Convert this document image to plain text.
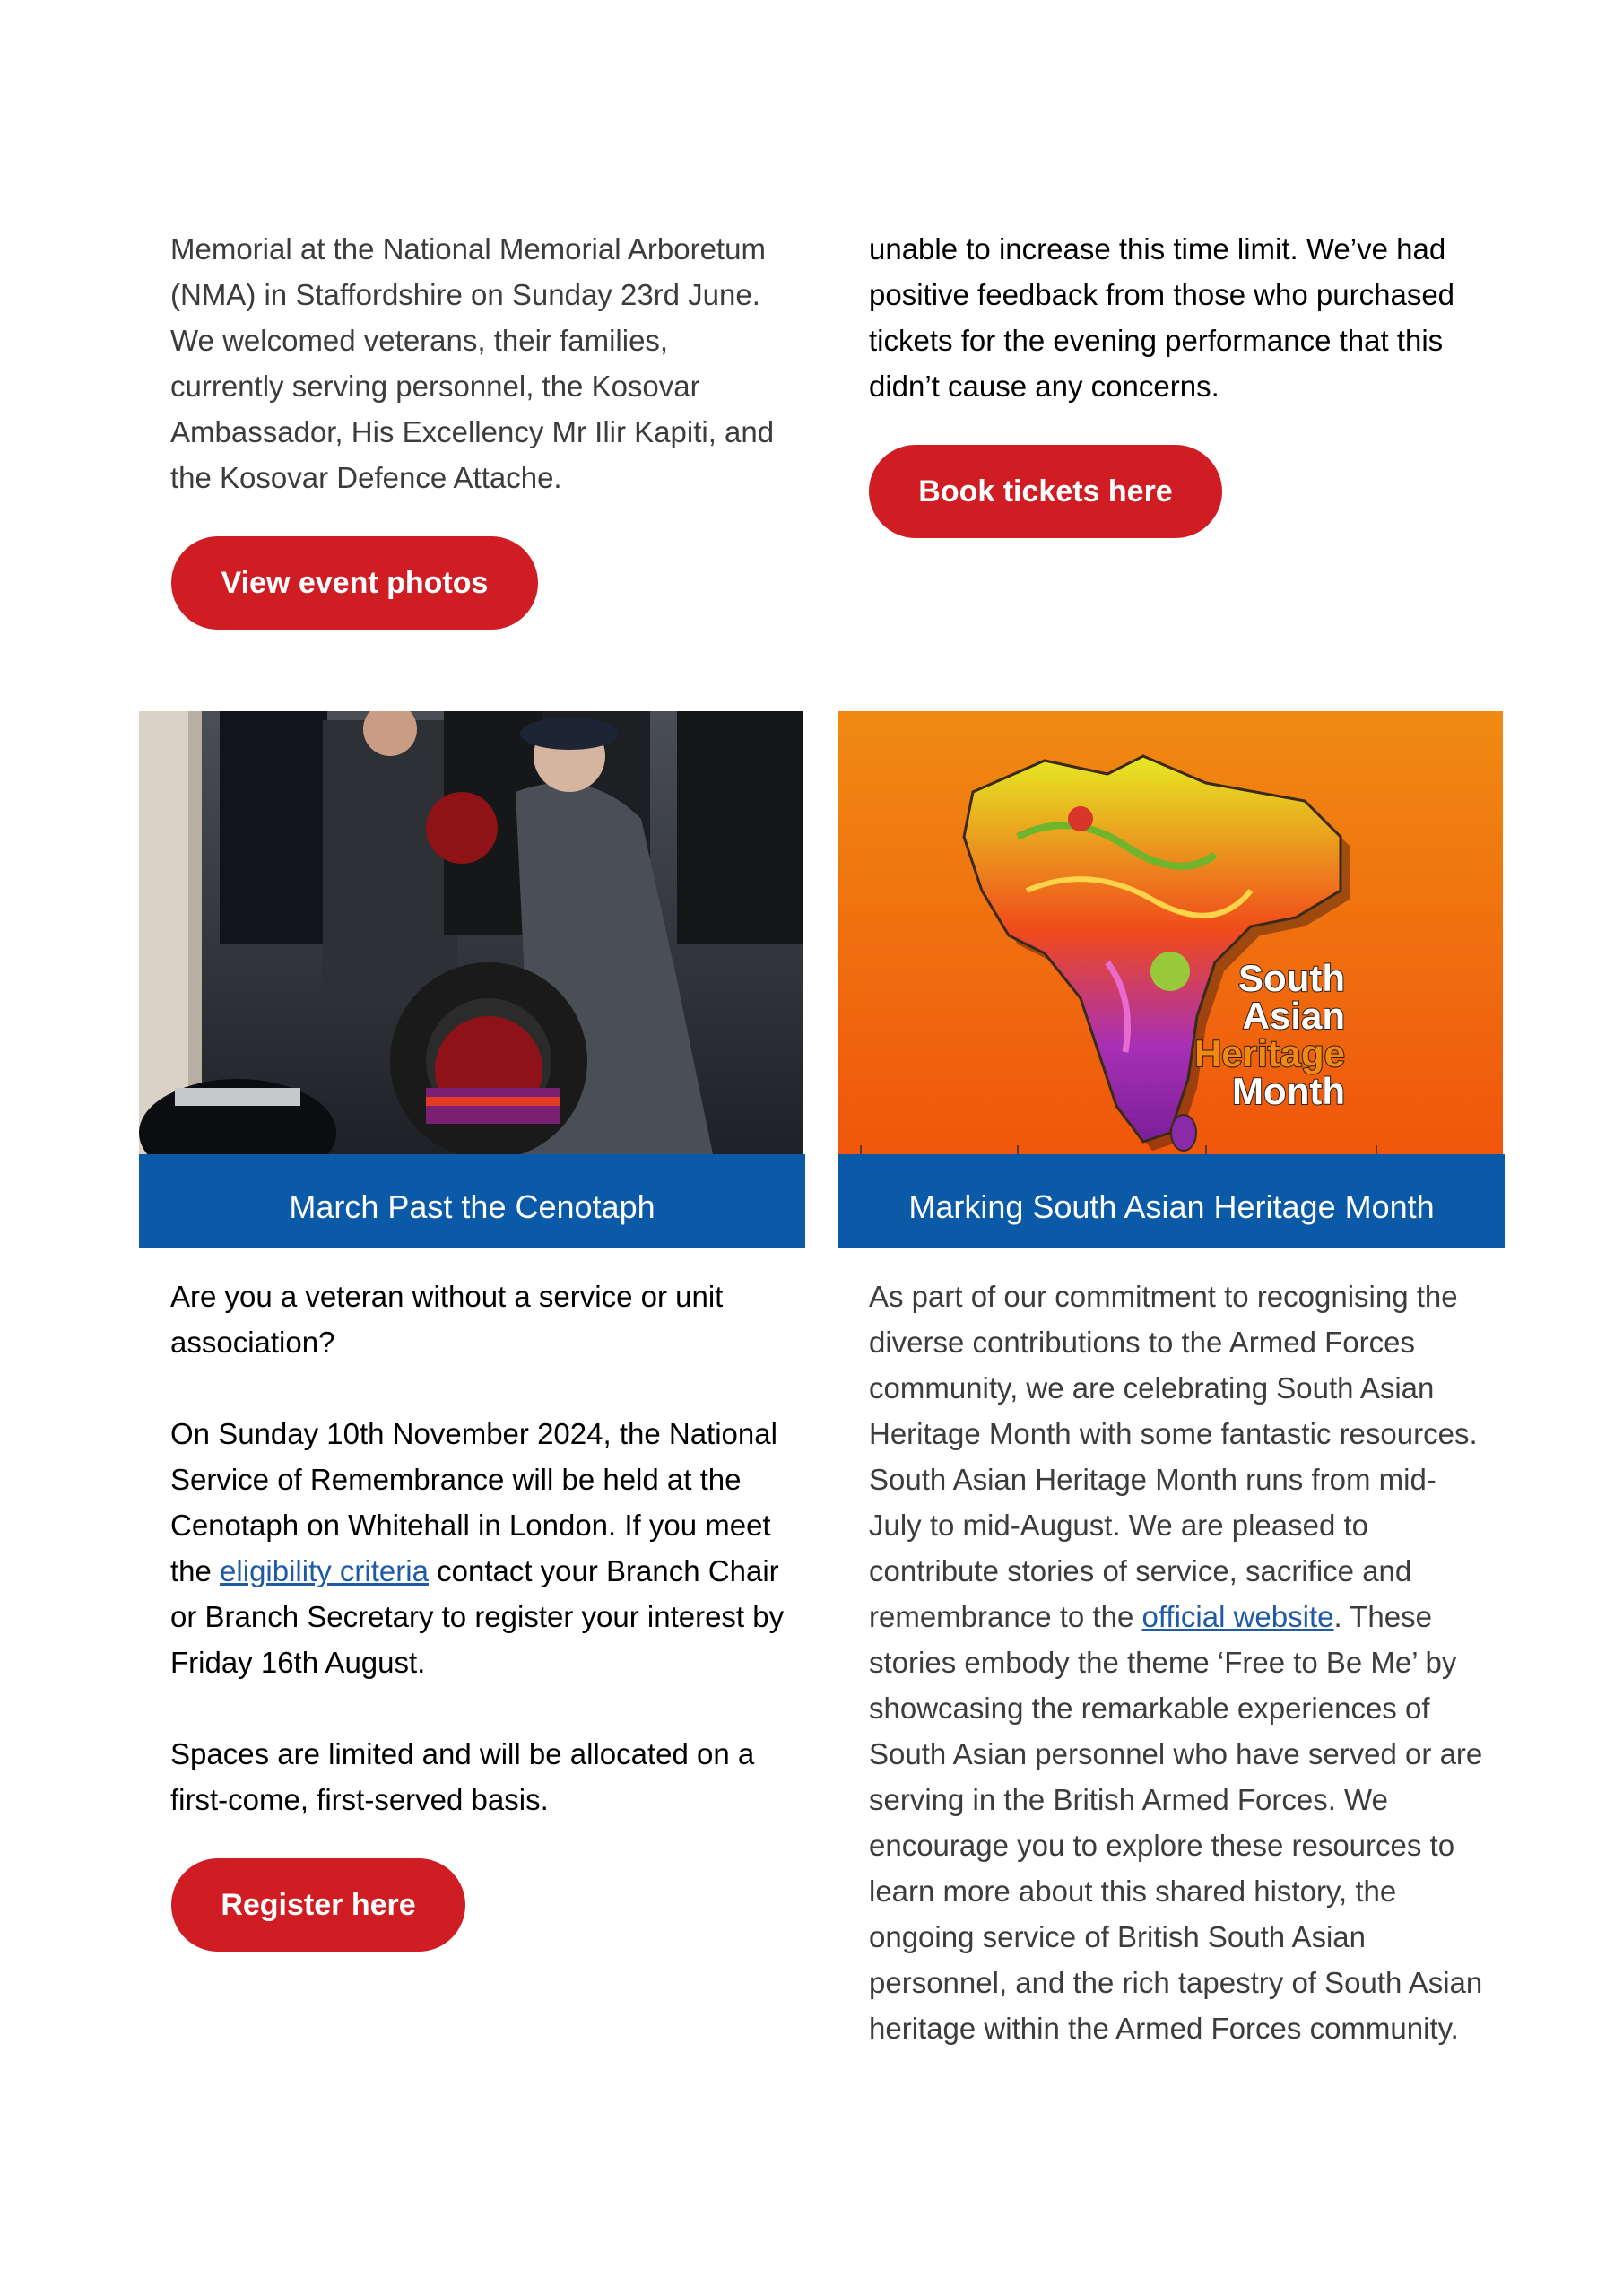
Memorial at the National Memorial Arboretum (NMA) in Staffordshire on Sunday 23rd June. We welcomed veterans, their families, currently serving personnel, the Kosovar Ambassador, His Excellency Mr Ilir Kapiti, and the Kosovar Defence Attache.

View event photos

unable to increase this time limit. We’ve had positive feedback from those who purchased tickets for the evening performance that this didn’t cause any concerns.

Book tickets here
March Past the Cenotaph

Are you a veteran without a service or unit association?

On Sunday 10th November 2024, the National Service of Remembrance will be held at the Cenotaph on Whitehall in London. If you meet the eligibility criteria contact your Branch Chair or Branch Secretary to register your interest by Friday 16th August.

Spaces are limited and will be allocated on a first-come, first-served basis.

Register here
South
Asian
Heritage
Month
Marking South Asian Heritage Month

As part of our commitment to recognising the diverse contributions to the Armed Forces community, we are celebrating South Asian Heritage Month with some fantastic resources. South Asian Heritage Month runs from mid-July to mid-August. We are pleased to contribute stories of service, sacrifice and remembrance to the official website. These stories embody the theme ‘Free to Be Me’ by showcasing the remarkable experiences of South Asian personnel who have served or are serving in the British Armed Forces. We encourage you to explore these resources to learn more about this shared history, the ongoing service of British South Asian personnel, and the rich tapestry of South Asian heritage within the Armed Forces community.
